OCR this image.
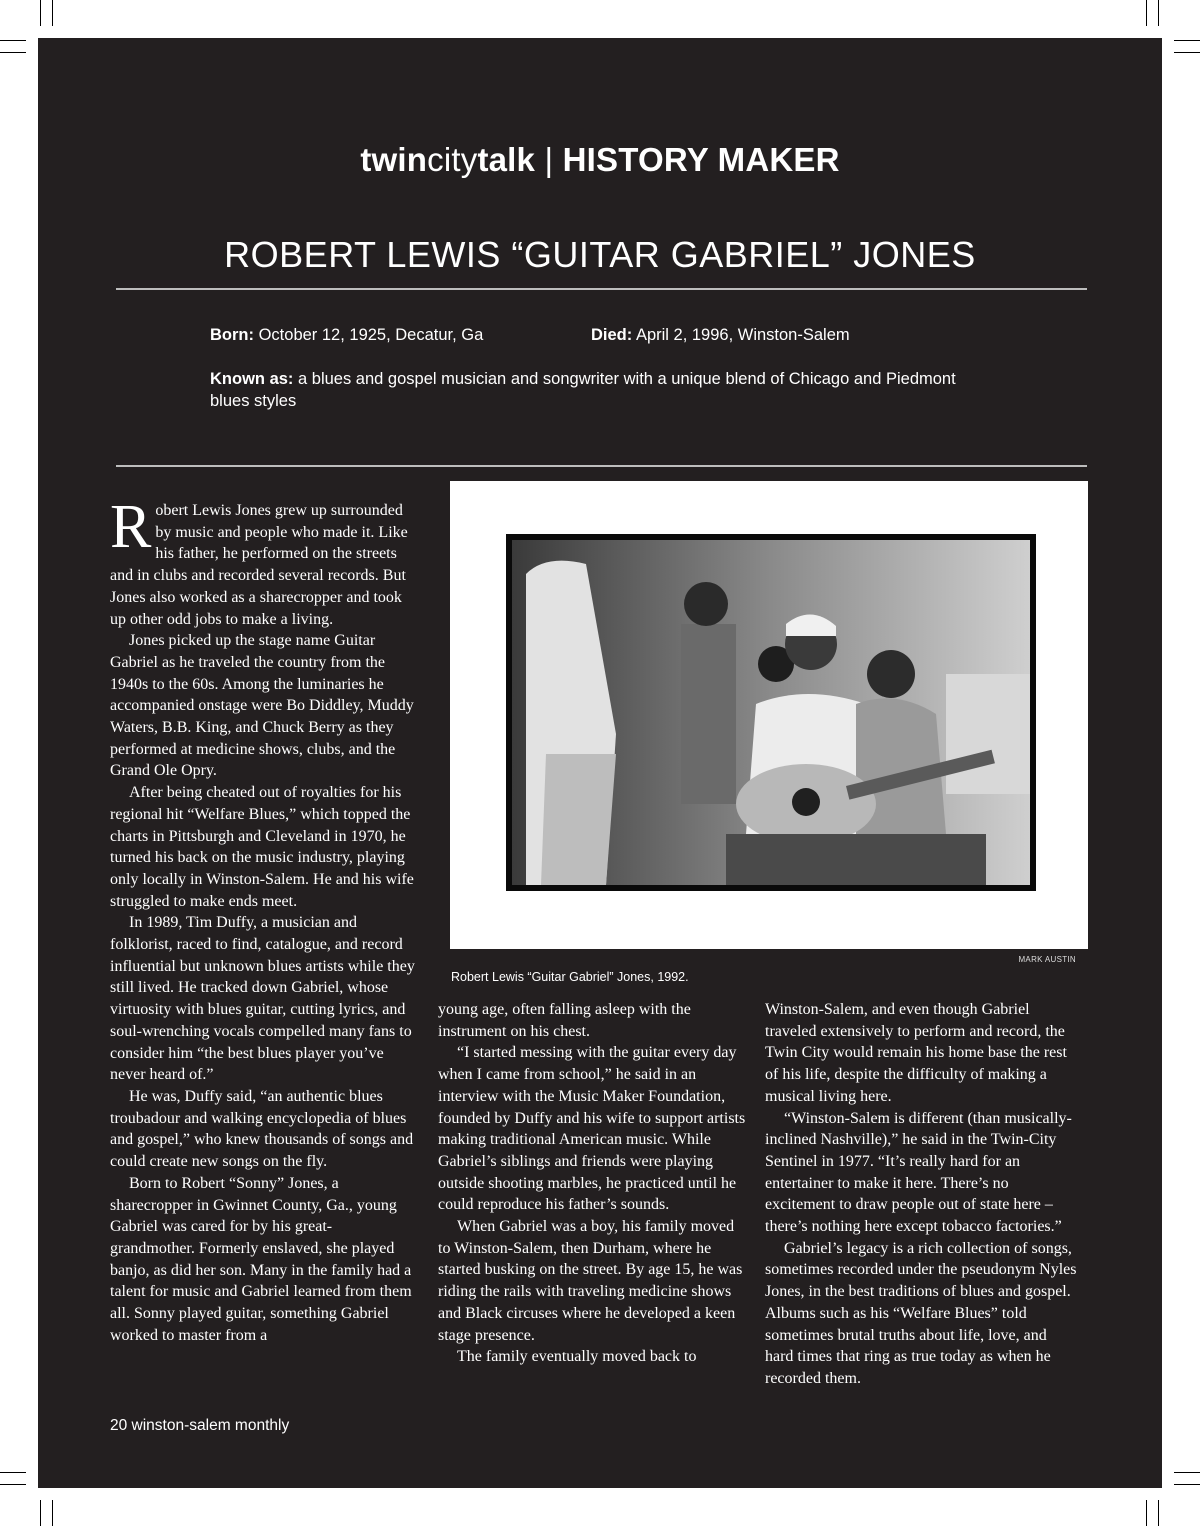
twincitytalk | HISTORY MAKER
ROBERT LEWIS “GUITAR GABRIEL” JONES
Born: October 12, 1925, Decatur, Ga	Died: April 2, 1996, Winston-Salem
Known as: a blues and gospel musician and songwriter with a unique blend of Chicago and Piedmont blues styles

Robert Lewis Jones grew up surrounded by music and people who made it. Like his father, he performed on the streets and in clubs and recorded several records. But Jones also worked as a sharecropper and took up other odd jobs to make a living.

Jones picked up the stage name Guitar Gabriel as he traveled the country from the 1940s to the 60s. Among the luminaries he accompanied onstage were Bo Diddley, Muddy Waters, B.B. King, and Chuck Berry as they performed at medicine shows, clubs, and the Grand Ole Opry.

After being cheated out of royalties for his regional hit “Welfare Blues,” which topped the charts in Pittsburgh and Cleveland in 1970, he turned his back on the music industry, playing only locally in Winston-Salem. He and his wife struggled to make ends meet.

In 1989, Tim Duffy, a musician and folklorist, raced to find, catalogue, and record influential but unknown blues artists while they still lived. He tracked down Gabriel, whose virtuosity with blues guitar, cutting lyrics, and soul-wrenching vocals compelled many fans to consider him “the best blues player you’ve never heard of.”

He was, Duffy said, “an authentic blues troubadour and walking encyclopedia of blues and gospel,” who knew thousands of songs and could create new songs on the fly.

Born to Robert “Sonny” Jones, a sharecropper in Gwinnet County, Ga., young Gabriel was cared for by his great-grandmother. Formerly enslaved, she played banjo, as did her son. Many in the family had a talent for music and Gabriel learned from them all. Sonny played guitar, something Gabriel worked to master from a

MARK AUSTIN
Robert Lewis “Guitar Gabriel” Jones, 1992.

young age, often falling asleep with the instrument on his chest.

“I started messing with the guitar every day when I came from school,” he said in an interview with the Music Maker Foundation, founded by Duffy and his wife to support artists making traditional American music. While Gabriel’s siblings and friends were playing outside shooting marbles, he practiced until he could reproduce his father’s sounds.

When Gabriel was a boy, his family moved to Winston-Salem, then Durham, where he started busking on the street. By age 15, he was riding the rails with traveling medicine shows and Black circuses where he developed a keen stage presence.

The family eventually moved back to

Winston-Salem, and even though Gabriel traveled extensively to perform and record, the Twin City would remain his home base the rest of his life, despite the difficulty of making a musical living here.

“Winston-Salem is different (than musically-inclined Nashville),” he said in the Twin-City Sentinel in 1977. “It’s really hard for an entertainer to make it here. There’s no excitement to draw people out of state here – there’s nothing here except tobacco factories.”

Gabriel’s legacy is a rich collection of songs, sometimes recorded under the pseudonym Nyles Jones, in the best traditions of blues and gospel. Albums such as his “Welfare Blues” told sometimes brutal truths about life, love, and hard times that ring as true today as when he recorded them.

20 winston-salem monthly
